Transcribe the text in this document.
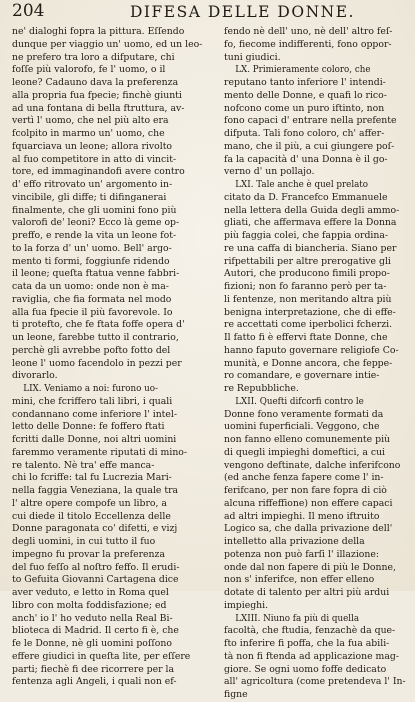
204	DIFESA DELLE DONNE.

ne' dialoghi fopra la pittura. Eſſendo
dunque per viaggio un' uomo, ed un leo-
ne prefero tra loro a difputare, chi
foſſe più valorofo, fe l' uomo, o il
leone? Cadauno dava la preferenza
alla propria fua fpecie; finchè giunti
ad una fontana di bella ftruttura, av-
vertì l' uomo, che nel più alto era
fcolpito in marmo un' uomo, che
fquarciava un leone; allora rivolto
al fuo competitore in atto di vincit-
tore, ed immaginandofi avere contro
d' effo ritrovato un' argomento in-
vincibile, gli diffe; ti difinganerai
finalmente, che gli uomini fono più
valorofi de' leoni? Ecco là geme op-
preffo, e rende la vita un leone fot-
to la forza d' un' uomo. Bell' argo-
mento ti formi, foggiunfe ridendo
il leone; queſta ftatua venne fabbri-
cata da un uomo: onde non è ma-
raviglia, che fia formata nel modo
alla fua fpecie il più favorevole. Io
ti protefto, che fe ftata foffe opera d'
un leone, farebbe tutto il contrario,
perchè gli avrebbe pofto fotto del
leone l' uomo facendolo in pezzi per
divorarlo.

LIX. Veniamo a noi: furono uo-
mini, che fcriffero tali libri, i quali
condannano come inferiore l' intel-
letto delle Donne: fe foffero ftati
fcritti dalle Donne, noi altri uomini
faremmo veramente riputati di mino-
re talento. Nè tra' effe manca-
chi lo fcriffe: tal fu Lucrezia Mari-
nella faggia Veneziana, la quale tra
l' altre opere compofe un libro, a
cui diede il titolo Eccellenza delle
Donne paragonata co' difetti, e vizj
degli uomini, in cui tutto il fuo
impegno fu provar la preferenza
del fuo feſſo al noſtro feffo. Il erudi-
to Gefuita Giovanni Cartagena dice
aver veduto, e letto in Roma quel
libro con molta foddisfazione; ed
anch' io l' ho veduto nella Real Bi-
blioteca di Madrid. Il certo fi è, che
fe le Donne, nè gli uomini poſſono
effere giudici in queſta lite, per eſſere
parti; fiechè fi dee ricorrere per la
fentenza agli Angeli, i quali non ef-

fendo nè dell' uno, nè dell' altro feſ-
fo, fiecome indifferenti, fono oppor-
tuni giudici.

LX. Primieramente coloro, che
reputano tanto inferiore l' intendi-
mento delle Donne, e quafi lo rico-
nofcono come un puro iftinto, non
fono capaci d' entrare nella prefente
difputa. Tali fono coloro, ch' affer-
mano, che il più, a cui giungere poſ-
fa la capacità d' una Donna è il go-
verno d' un pollajo.

LXI. Tale anche è quel prelato
citato da D. Francefco Emmanuele
nella lettera della Guida degli ammo-
gliati, che affermava effere la Donna
più faggia colei, che fappia ordina-
re una caffa di biancheria. Siano per
rifpettabili per altre prerogative gli
Autori, che producono fimili propo-
fizioni; non fo faranno però per ta-
li fentenze, non meritando altra più
benigna interpretazione, che di effe-
re accettati come iperbolici fcherzi.
Il fatto fi è effervi ftate Donne, che
hanno faputo governare religiofe Co-
munità, e Donne ancora, che feppe-
ro comandare, e governare intie-
re Repubbliche.

LXII. Quefti difcorfi contro le
Donne fono veramente formati da
uomini fuperficiali. Veggono, che
non fanno elleno comunemente più
di quegli impieghi domeftici, a cui
vengono deftinate, dalche inferifcono
(ed anche fenza fapere come l' in-
ferifcano, per non fare fopra di ciò
alcuna riffeffione) non effere capaci
ad altri impieghi. Il meno iftruito
Logico sa, che dalla privazione dell'
intelletto alla privazione della
potenza non può farſi l' illazione:
onde dal non fapere di più le Donne,
non s' inferifce, non effer elleno
dotate di talento per altri più ardui
impieghi.

LXIII. Niuno fa più di quella
facoltà, che ftudia, fenzachè da que-
fto inferire fi poffa, che la fua abili-
tà non fi ftenda ad applicazione mag-
giore. Se ogni uomo foffe dedicato
all' agricoltura (come pretendeva l' In-
figne
